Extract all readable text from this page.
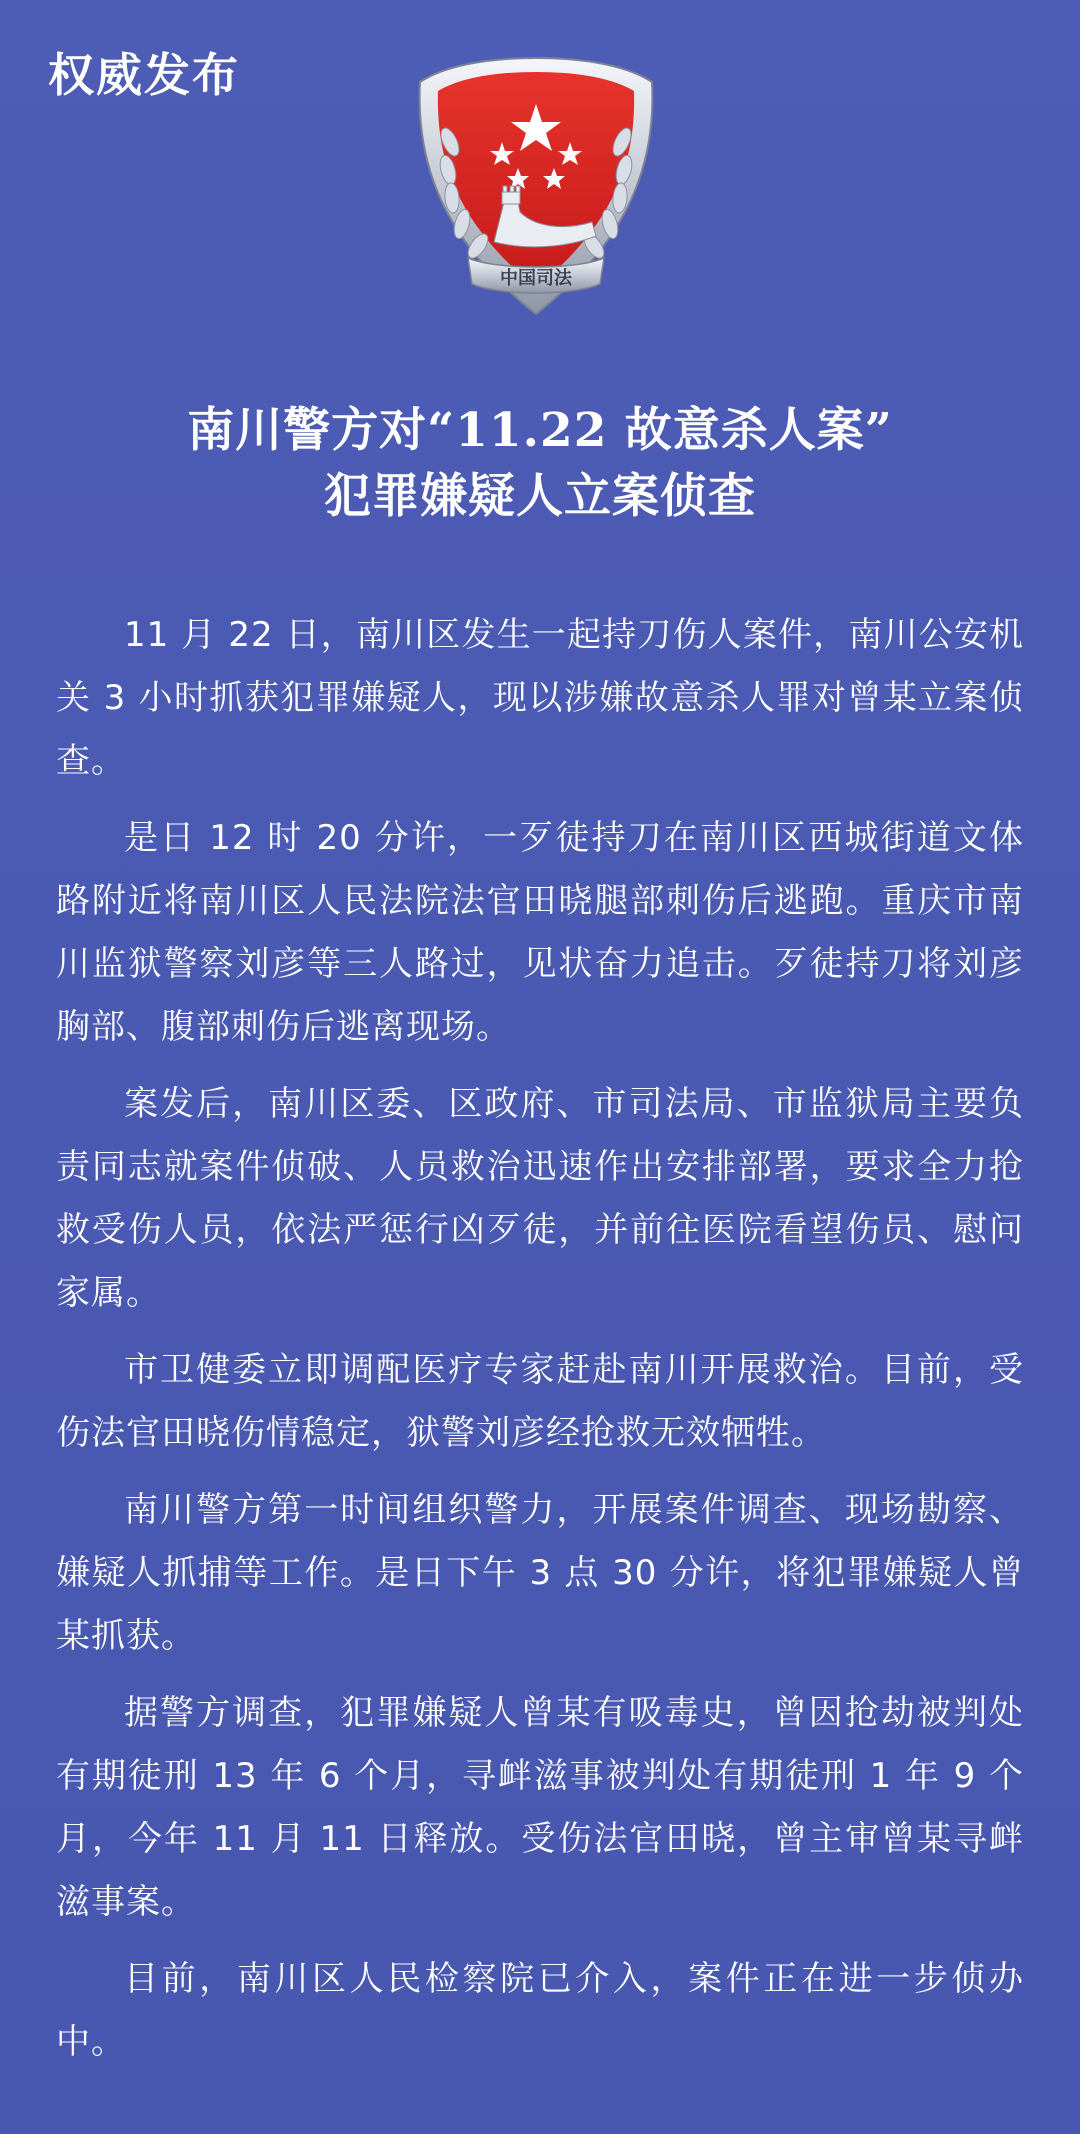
权威发布
中国司法
南川警方对“11.22 故意杀人案”
犯罪嫌疑人立案侦查

11 月 22 日，南川区发生一起持刀伤人案件，南川公安机关 3 小时抓获犯罪嫌疑人，现以涉嫌故意杀人罪对曾某立案侦查。

是日 12 时 20 分许，一歹徒持刀在南川区西城街道文体路附近将南川区人民法院法官田晓腿部刺伤后逃跑。重庆市南川监狱警察刘彦等三人路过，见状奋力追击。歹徒持刀将刘彦胸部、腹部刺伤后逃离现场。

案发后，南川区委、区政府、市司法局、市监狱局主要负责同志就案件侦破、人员救治迅速作出安排部署，要求全力抢救受伤人员，依法严惩行凶歹徒，并前往医院看望伤员、慰问家属。

市卫健委立即调配医疗专家赶赴南川开展救治。目前，受伤法官田晓伤情稳定，狱警刘彦经抢救无效牺牲。

南川警方第一时间组织警力，开展案件调查、现场勘察、嫌疑人抓捕等工作。是日下午 3 点 30 分许，将犯罪嫌疑人曾某抓获。

据警方调查，犯罪嫌疑人曾某有吸毒史，曾因抢劫被判处有期徒刑 13 年 6 个月，寻衅滋事被判处有期徒刑 1 年 9 个月，今年 11 月 11 日释放。受伤法官田晓，曾主审曾某寻衅滋事案。

目前，南川区人民检察院已介入，案件正在进一步侦办中。
